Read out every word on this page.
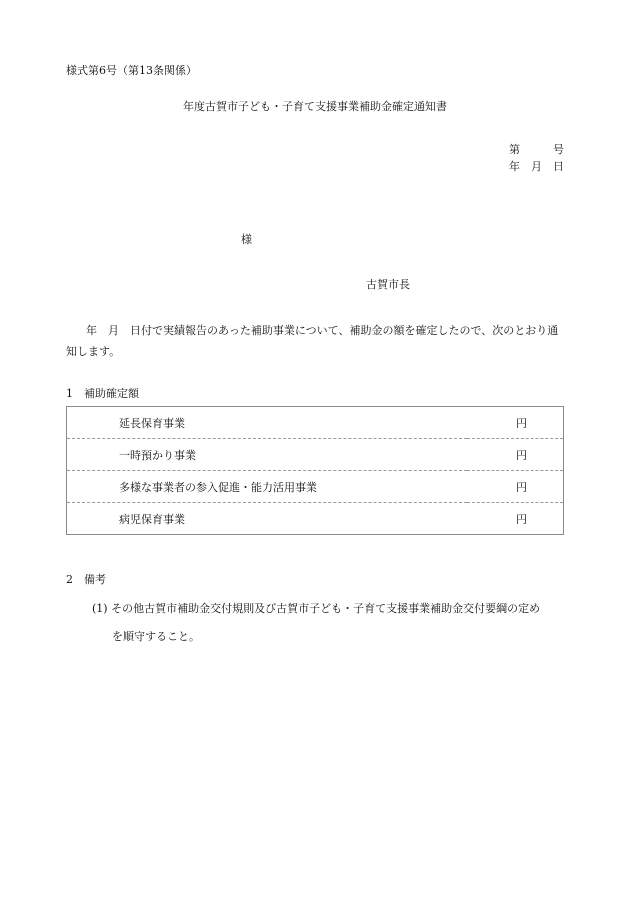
様式第6号（第13条関係）
年度古賀市子ども・子育て支援事業補助金確定通知書
第　　　号
年　月　日
様
古賀市長
年　月　日付で実績報告のあった補助事業について、補助金の額を確定したので、次のとおり通知します。
1　補助確定額
延長保育事業	円
一時預かり事業	円
多様な事業者の参入促進・能力活用事業	円
病児保育事業	円
2　備考
(1) その他古賀市補助金交付規則及び古賀市子ども・子育て支援事業補助金交付要綱の定め
を順守すること。
